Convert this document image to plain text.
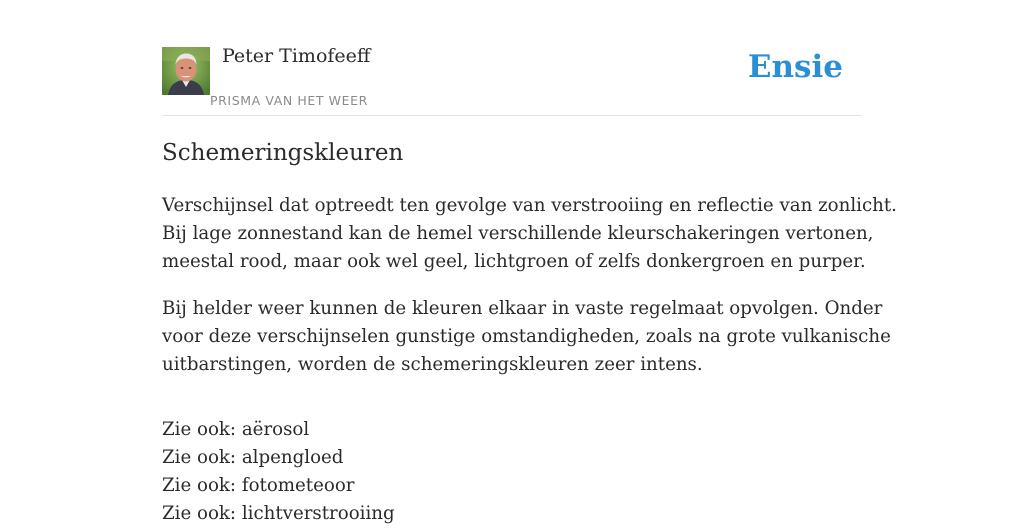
Peter Timofeeff
PRISMA VAN HET WEER
Ensie
Schemeringskleuren

Verschijnsel dat optreedt ten gevolge van verstrooiing en reflectie van zonlicht.
Bij lage zonnestand kan de hemel verschillende kleurschakeringen vertonen,
meestal rood, maar ook wel geel, lichtgroen of zelfs donkergroen en purper.

Bij helder weer kunnen de kleuren elkaar in vaste regelmaat opvolgen. Onder
voor deze verschijnselen gunstige omstandigheden, zoals na grote vulkanische
uitbarstingen, worden de schemeringskleuren zeer intens.

Zie ook: aërosol
Zie ook: alpengloed
Zie ook: fotometeoor
Zie ook: lichtverstrooiing
